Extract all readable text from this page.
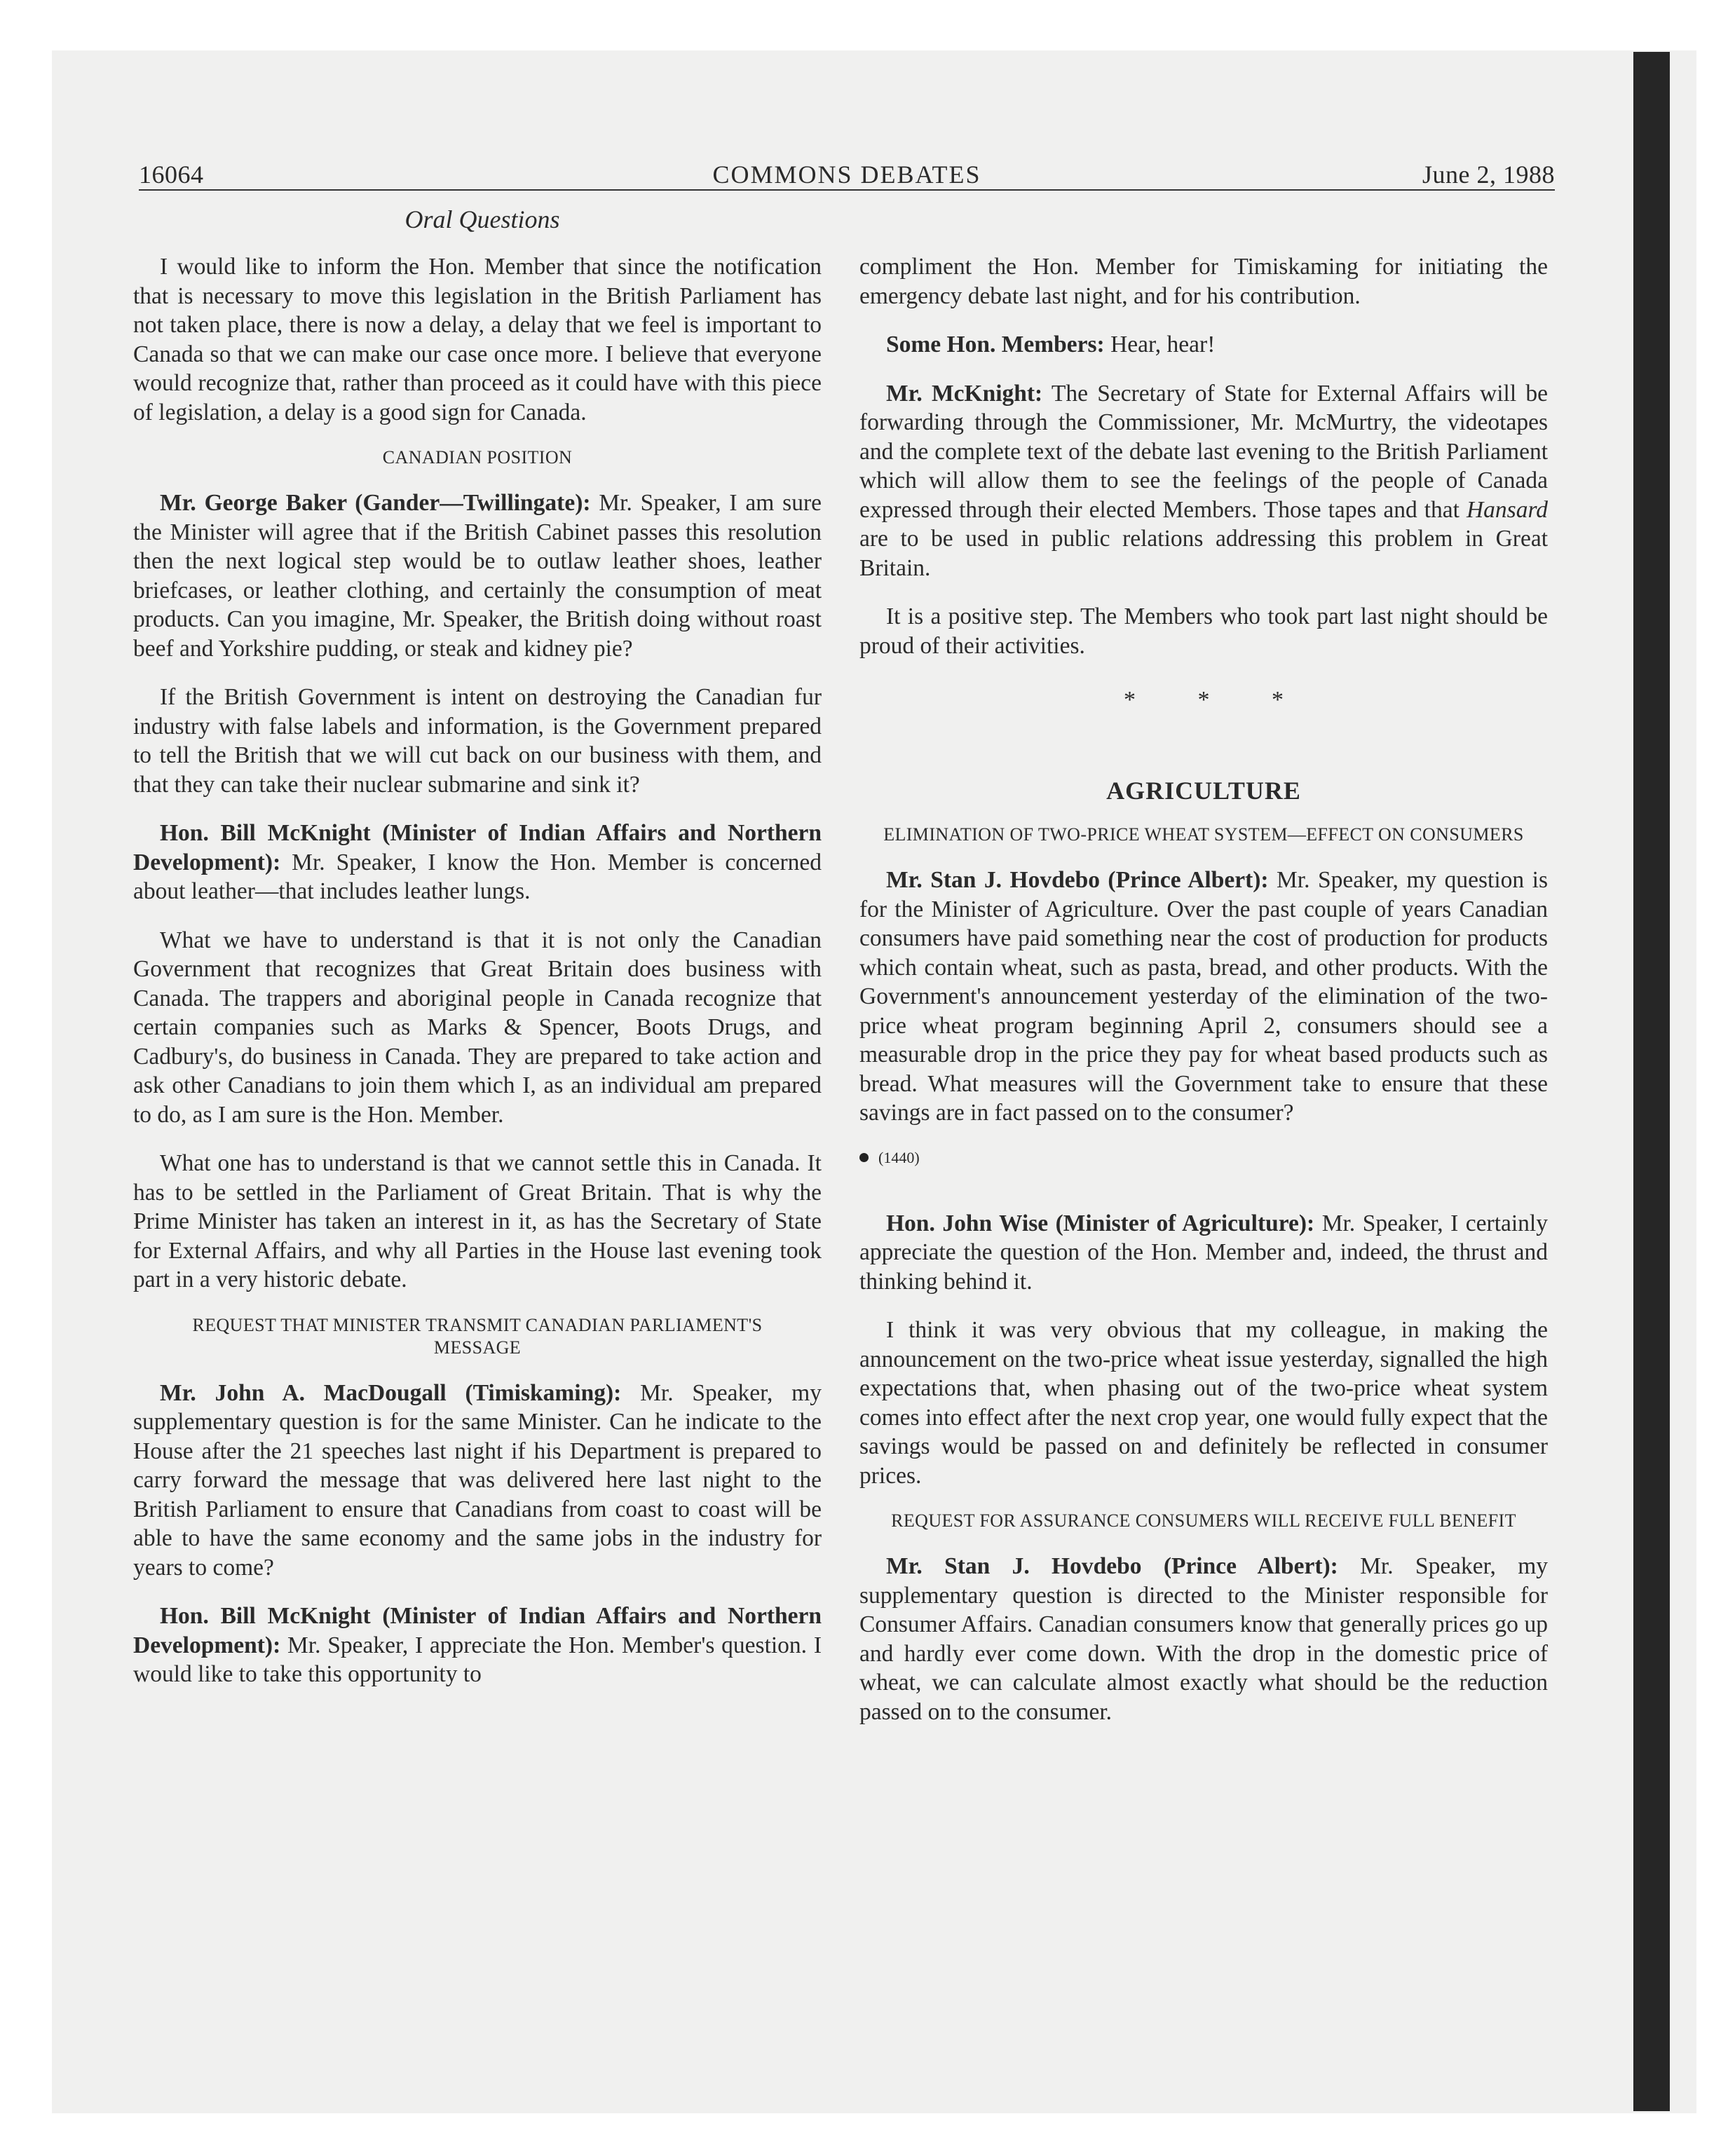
16064	COMMONS DEBATES	June 2, 1988
Oral Questions

I would like to inform the Hon. Member that since the notification that is necessary to move this legislation in the British Parliament has not taken place, there is now a delay, a delay that we feel is important to Canada so that we can make our case once more. I believe that everyone would recognize that, rather than proceed as it could have with this piece of legislation, a delay is a good sign for Canada.

CANADIAN POSITION

Mr. George Baker (Gander—Twillingate): Mr. Speaker, I am sure the Minister will agree that if the British Cabinet passes this resolution then the next logical step would be to outlaw leather shoes, leather briefcases, or leather clothing, and certainly the consumption of meat products. Can you imagine, Mr. Speaker, the British doing without roast beef and Yorkshire pudding, or steak and kidney pie?

If the British Government is intent on destroying the Canadian fur industry with false labels and information, is the Government prepared to tell the British that we will cut back on our business with them, and that they can take their nuclear submarine and sink it?

Hon. Bill McKnight (Minister of Indian Affairs and Northern Development): Mr. Speaker, I know the Hon. Member is concerned about leather—that includes leather lungs.

What we have to understand is that it is not only the Canadian Government that recognizes that Great Britain does business with Canada. The trappers and aboriginal people in Canada recognize that certain companies such as Marks & Spencer, Boots Drugs, and Cadbury's, do business in Canada. They are prepared to take action and ask other Canadians to join them which I, as an individual am prepared to do, as I am sure is the Hon. Member.

What one has to understand is that we cannot settle this in Canada. It has to be settled in the Parliament of Great Britain. That is why the Prime Minister has taken an interest in it, as has the Secretary of State for External Affairs, and why all Parties in the House last evening took part in a very historic debate.

REQUEST THAT MINISTER TRANSMIT CANADIAN PARLIAMENT'S MESSAGE

Mr. John A. MacDougall (Timiskaming): Mr. Speaker, my supplementary question is for the same Minister. Can he indicate to the House after the 21 speeches last night if his Department is prepared to carry forward the message that was delivered here last night to the British Parliament to ensure that Canadians from coast to coast will be able to have the same economy and the same jobs in the industry for years to come?

Hon. Bill McKnight (Minister of Indian Affairs and Northern Development): Mr. Speaker, I appreciate the Hon. Member's question. I would like to take this opportunity to

compliment the Hon. Member for Timiskaming for initiating the emergency debate last night, and for his contribution.

Some Hon. Members: Hear, hear!

Mr. McKnight: The Secretary of State for External Affairs will be forwarding through the Commissioner, Mr. McMurtry, the videotapes and the complete text of the debate last evening to the British Parliament which will allow them to see the feelings of the people of Canada expressed through their elected Members. Those tapes and that Hansard are to be used in public relations addressing this problem in Great Britain.

It is a positive step. The Members who took part last night should be proud of their activities.

* * *
AGRICULTURE
ELIMINATION OF TWO-PRICE WHEAT SYSTEM—EFFECT ON CONSUMERS

Mr. Stan J. Hovdebo (Prince Albert): Mr. Speaker, my question is for the Minister of Agriculture. Over the past couple of years Canadian consumers have paid something near the cost of production for products which contain wheat, such as pasta, bread, and other products. With the Government's announcement yesterday of the elimination of the two-price wheat program beginning April 2, consumers should see a measurable drop in the price they pay for wheat based products such as bread. What measures will the Government take to ensure that these savings are in fact passed on to the consumer?

(1440)

Hon. John Wise (Minister of Agriculture): Mr. Speaker, I certainly appreciate the question of the Hon. Member and, indeed, the thrust and thinking behind it.

I think it was very obvious that my colleague, in making the announcement on the two-price wheat issue yesterday, signalled the high expectations that, when phasing out of the two-price wheat system comes into effect after the next crop year, one would fully expect that the savings would be passed on and definitely be reflected in consumer prices.

REQUEST FOR ASSURANCE CONSUMERS WILL RECEIVE FULL BENEFIT

Mr. Stan J. Hovdebo (Prince Albert): Mr. Speaker, my supplementary question is directed to the Minister responsible for Consumer Affairs. Canadian consumers know that generally prices go up and hardly ever come down. With the drop in the domestic price of wheat, we can calculate almost exactly what should be the reduction passed on to the consumer.
